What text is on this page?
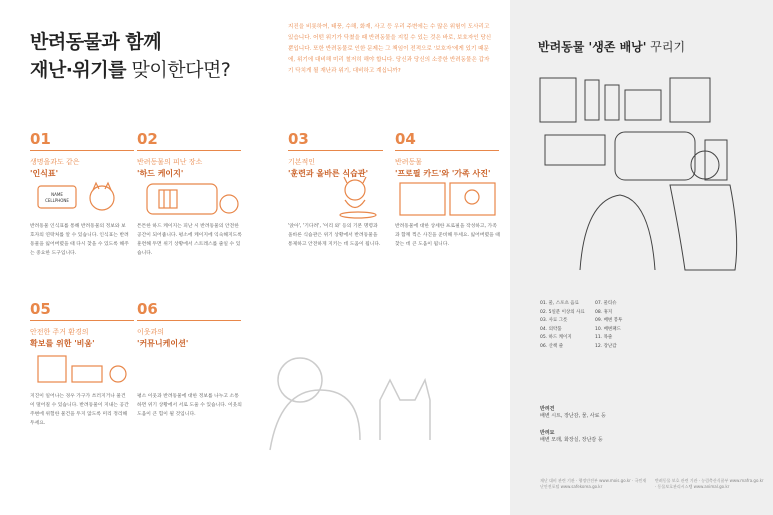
반려동물과 함께
재난·위기를 맞이한다면?
지진을 비롯하여, 태풍, 수해, 화재, 사고 등 우리 주변에는 수 많은 위험이 도사리고 있습니다. 어떤 위기가 닥쳤을 때 반려동물을 지킬 수 있는 것은 바로, 보호자인 당신 뿐입니다. 또한 반려동물로 인한 문제는 그 책임이 전적으로 '보호자'에게 있기 때문에, 위기에 대비해 미리 철저히 해야 합니다. 당신과 당신의 소중한 반려동물은 갑자기 닥치게 될 재난과 위기, 대비하고 계십니까?
01
생명을과도 같은
'인식표'
NAME
CELLPHONE
반려동물 인식표를 통해 반려동물의 정보와 보호자의 연락처를 알 수 있습니다. 인식표는 반려동물을 잃어버렸을 때 다시 찾을 수 있도록 해주는 중요한 도구입니다.
02
반려동물의 피난 장소
'하드 케이지'
튼튼한 하드 케이지는 피난 시 반려동물의 안전한 공간이 되어줍니다. 평소에 케이지에 익숙해지도록 훈련해 두면 위기 상황에서 스트레스를 줄일 수 있습니다.
03
기본적인
'훈련과 올바른 식습관'
'앉아', '기다려', '이리 와' 등의 기본 명령과 올바른 식습관은 위기 상황에서 반려동물을 통제하고 안전하게 지키는 데 도움이 됩니다.
04
반려동물
'프로필 카드'와 '가족 사진'
반려동물에 대한 상세한 프로필을 작성하고, 가족과 함께 찍은 사진을 준비해 두세요. 잃어버렸을 때 찾는 데 큰 도움이 됩니다.
05
안전한 주거 환경의
확보를 위한 '비움'
지진이 일어나는 경우 가구가 쓰러지거나 물건이 떨어질 수 있습니다. 반려동물이 지내는 공간 주변에 위험한 물건을 두지 않도록 미리 정리해 두세요.
06
이웃과의
'커뮤니케이션'
평소 이웃과 반려동물에 대한 정보를 나누고 소통하면 위기 상황에서 서로 도울 수 있습니다. 이웃의 도움이 큰 힘이 될 것입니다.
반려동물 '생존 배낭' 꾸리기
01. 물, 스포츠 음료	07. 물티슈
02. 5일분 이상의 사료	08. 휴지
03. 사료 그릇	09. 배변 봉투
04. 의약품	10. 배변패드
05. 하드 케이지	11. 목줄
06. 산책 줄	12. 장난감
반려견
배변 시트, 장난감, 물, 사료 등
반려묘
배변 모래, 화장실, 장난감 등
재난 대비 관련 기관 · 행정안전부 www.mois.go.kr · 국민재난안전포털 www.safekorea.go.kr
반려동물 보호 관련 기관 · 농림축산식품부 www.mafra.go.kr · 동물보호관리시스템 www.animal.go.kr
